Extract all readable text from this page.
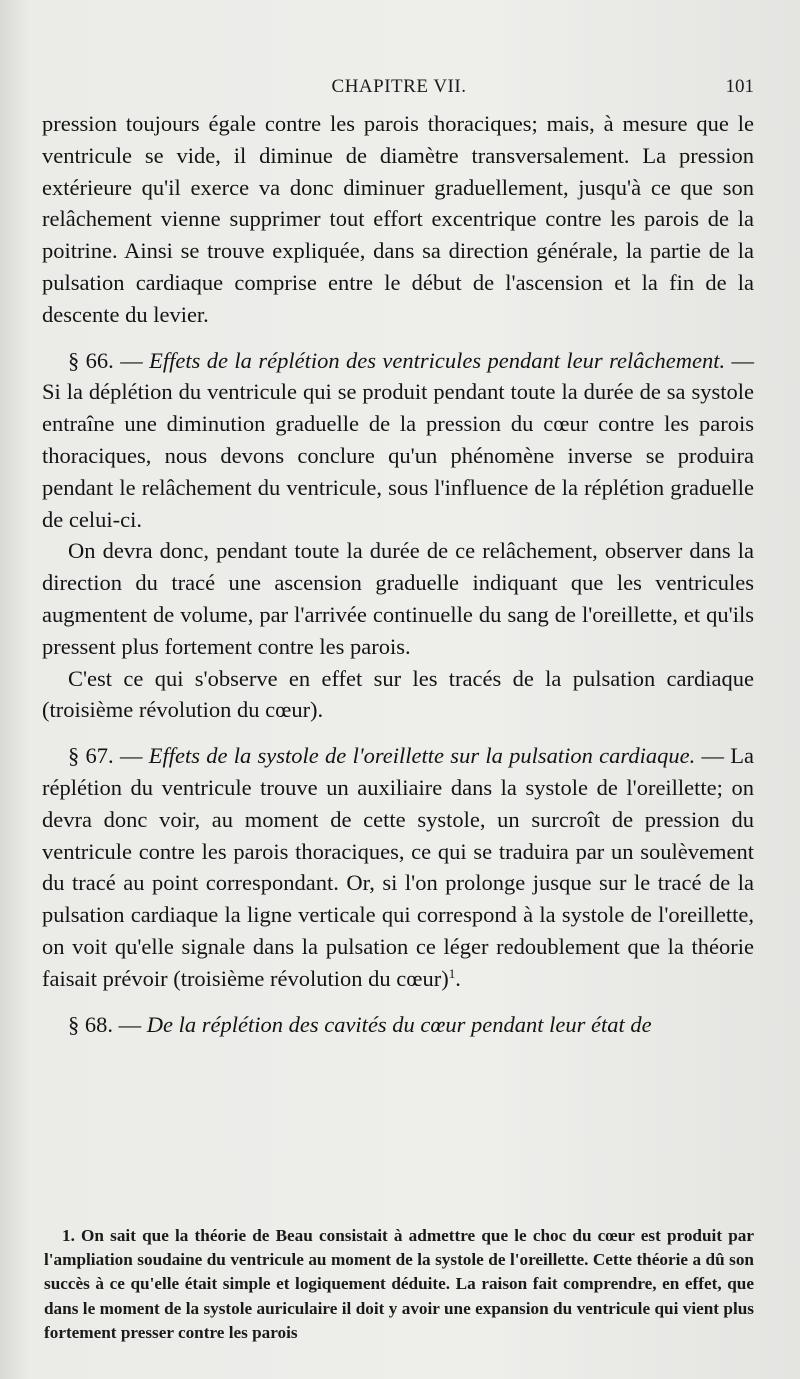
CHAPITRE VII.	101

pression toujours égale contre les parois thoraciques; mais, à mesure que le ventricule se vide, il diminue de diamètre transversalement. La pression extérieure qu'il exerce va donc diminuer graduellement, jusqu'à ce que son relâchement vienne supprimer tout effort excentrique contre les parois de la poitrine. Ainsi se trouve expliquée, dans sa direction générale, la partie de la pulsation cardiaque comprise entre le début de l'ascension et la fin de la descente du levier.

§ 66. — Effets de la réplétion des ventricules pendant leur relâchement. — Si la déplétion du ventricule qui se produit pendant toute la durée de sa systole entraîne une diminution graduelle de la pression du cœur contre les parois thoraciques, nous devons conclure qu'un phénomène inverse se produira pendant le relâchement du ventricule, sous l'influence de la réplétion graduelle de celui-ci.

On devra donc, pendant toute la durée de ce relâchement, observer dans la direction du tracé une ascension graduelle indiquant que les ventricules augmentent de volume, par l'arrivée continuelle du sang de l'oreillette, et qu'ils pressent plus fortement contre les parois.

C'est ce qui s'observe en effet sur les tracés de la pulsation cardiaque (troisième révolution du cœur).

§ 67. — Effets de la systole de l'oreillette sur la pulsation cardiaque. — La réplétion du ventricule trouve un auxiliaire dans la systole de l'oreillette; on devra donc voir, au moment de cette systole, un surcroît de pression du ventricule contre les parois thoraciques, ce qui se traduira par un soulèvement du tracé au point correspondant. Or, si l'on prolonge jusque sur le tracé de la pulsation cardiaque la ligne verticale qui correspond à la systole de l'oreillette, on voit qu'elle signale dans la pulsation ce léger redoublement que la théorie faisait prévoir (troisième révolution du cœur)$^1$.

§ 68. — De la réplétion des cavités du cœur pendant leur état de

1. On sait que la théorie de Beau consistait à admettre que le choc du cœur est produit par l'ampliation soudaine du ventricule au moment de la systole de l'oreillette. Cette théorie a dû son succès à ce qu'elle était simple et logiquement déduite. La raison fait comprendre, en effet, que dans le moment de la systole auriculaire il doit y avoir une expansion du ventricule qui vient plus fortement presser contre les parois
